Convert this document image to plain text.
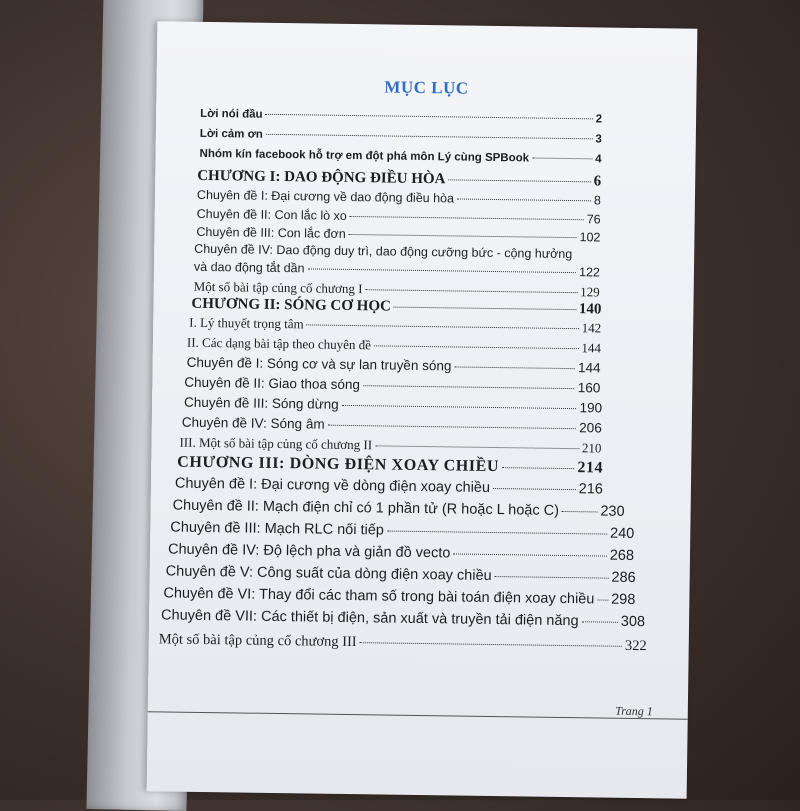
MỤC LỤC
Lời nói đầu	2
Lời cảm ơn	3
Nhóm kín facebook hỗ trợ em đột phá môn Lý cùng SPBook	4
CHƯƠNG I: DAO ĐỘNG ĐIỀU HÒA	6
Chuyên đề I: Đại cương về dao động điều hòa	8
Chuyên đề II: Con lắc lò xo	76
Chuyên đề III: Con lắc đơn	102
Chuyên đề IV: Dao động duy trì, dao động cưỡng bức - cộng hưởng
và dao động tắt dần	122
Một số bài tập củng cố chương I	129
CHƯƠNG II: SÓNG CƠ HỌC	140
I. Lý thuyết trọng tâm	142
II. Các dạng bài tập theo chuyên đề	144
Chuyên đề I: Sóng cơ và sự lan truyền sóng	144
Chuyên đề II: Giao thoa sóng	160
Chuyên đề III: Sóng dừng	190
Chuyên đề IV: Sóng âm	206
III. Một số bài tập củng cố chương II	210
CHƯƠNG III: DÒNG ĐIỆN XOAY CHIỀU	214
Chuyên đề I: Đại cương về dòng điện xoay chiều	216
Chuyên đề II: Mạch điện chỉ có 1 phần tử (R hoặc L hoặc C)	230
Chuyên đề III: Mạch RLC nối tiếp	240
Chuyên đề IV: Độ lệch pha và giản đồ vecto	268
Chuyên đề V: Công suất của dòng điện xoay chiều	286
Chuyên đề VI: Thay đổi các tham số trong bài toán điện xoay chiều 298
Chuyên đề VII: Các thiết bị điện, sản xuất và truyền tải điện năng	308
Một số bài tập củng cố chương III	322
Trang 1
